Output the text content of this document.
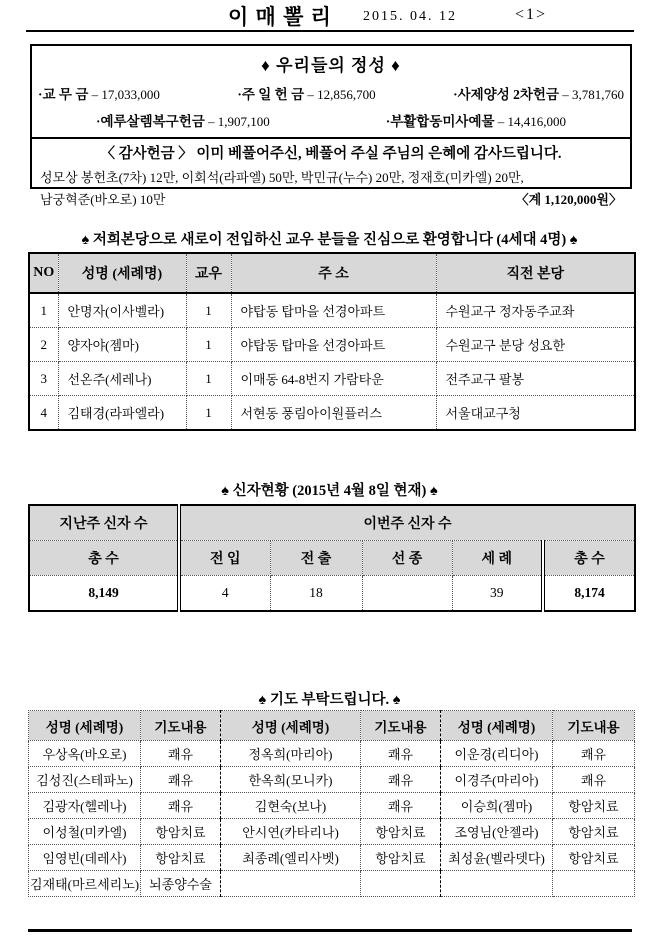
이 매 뽈 리 2015. 04. 12	<1>
♦ 우리들의 정성 ♦
·교 무 금 – 17,033,000	·주 일 헌 금 – 12,856,700	·사제양성 2차헌금 – 3,781,760
·예루살렘복구헌금 – 1,907,100	·부활합동미사예물 – 14,416,000
〈 감사헌금 〉 이미 베풀어주신, 베풀어 주실 주님의 은혜에 감사드립니다.
성모상 봉헌초(7차) 12만, 이회석(라파엘) 50만, 박민규(누수) 20만, 정재호(미카엘) 20만,
남궁혁준(바오로) 10만	〈계 1,120,000원〉
♠ 저희본당으로 새로이 전입하신 교우 분들을 진심으로 환영합니다 (4세대 4명) ♠
NO	성명 (세례명)	교우	주 소	직전 본당
1	안명자(이사벨라)	1	야탑동 탑마을 선경아파트	수원교구 정자동주교좌
2	양자야(젬마)	1	야탑동 탑마을 선경아파트	수원교구 분당 성요한
3	선온주(세레나)	1	이매동 64-8번지 가람타운	전주교구 팔봉
4	김태경(라파엘라)	1	서현동 풍림아이원플러스	서울대교구청
♠ 신자현황 (2015년 4월 8일 현재) ♠
지난주 신자 수	이번주 신자 수				
총 수	전 입	전 출	선 종	세 례	총 수
8,149	4	18		39	8,174
♠ 기도 부탁드립니다. ♠
성명 (세례명)	기도내용	성명 (세례명)	기도내용	성명 (세례명)	기도내용
우상옥(바오로)	쾌유	정옥희(마리아)	쾌유	이운경(리디아)	쾌유
김성진(스테파노)	쾌유	한옥희(모니카)	쾌유	이경주(마리아)	쾌유
김광자(헬레나)	쾌유	김현숙(보나)	쾌유	이승희(젬마)	항암치료
이성철(미카엘)	항암치료	안시연(카타리나)	항암치료	조영님(안젤라)	항암치료
임영빈(데레사)	항암치료	최종례(엘리사벳)	항암치료	최성윤(벨라뎃다)	항암치료
김재태(마르세리노)	뇌종양수술				
